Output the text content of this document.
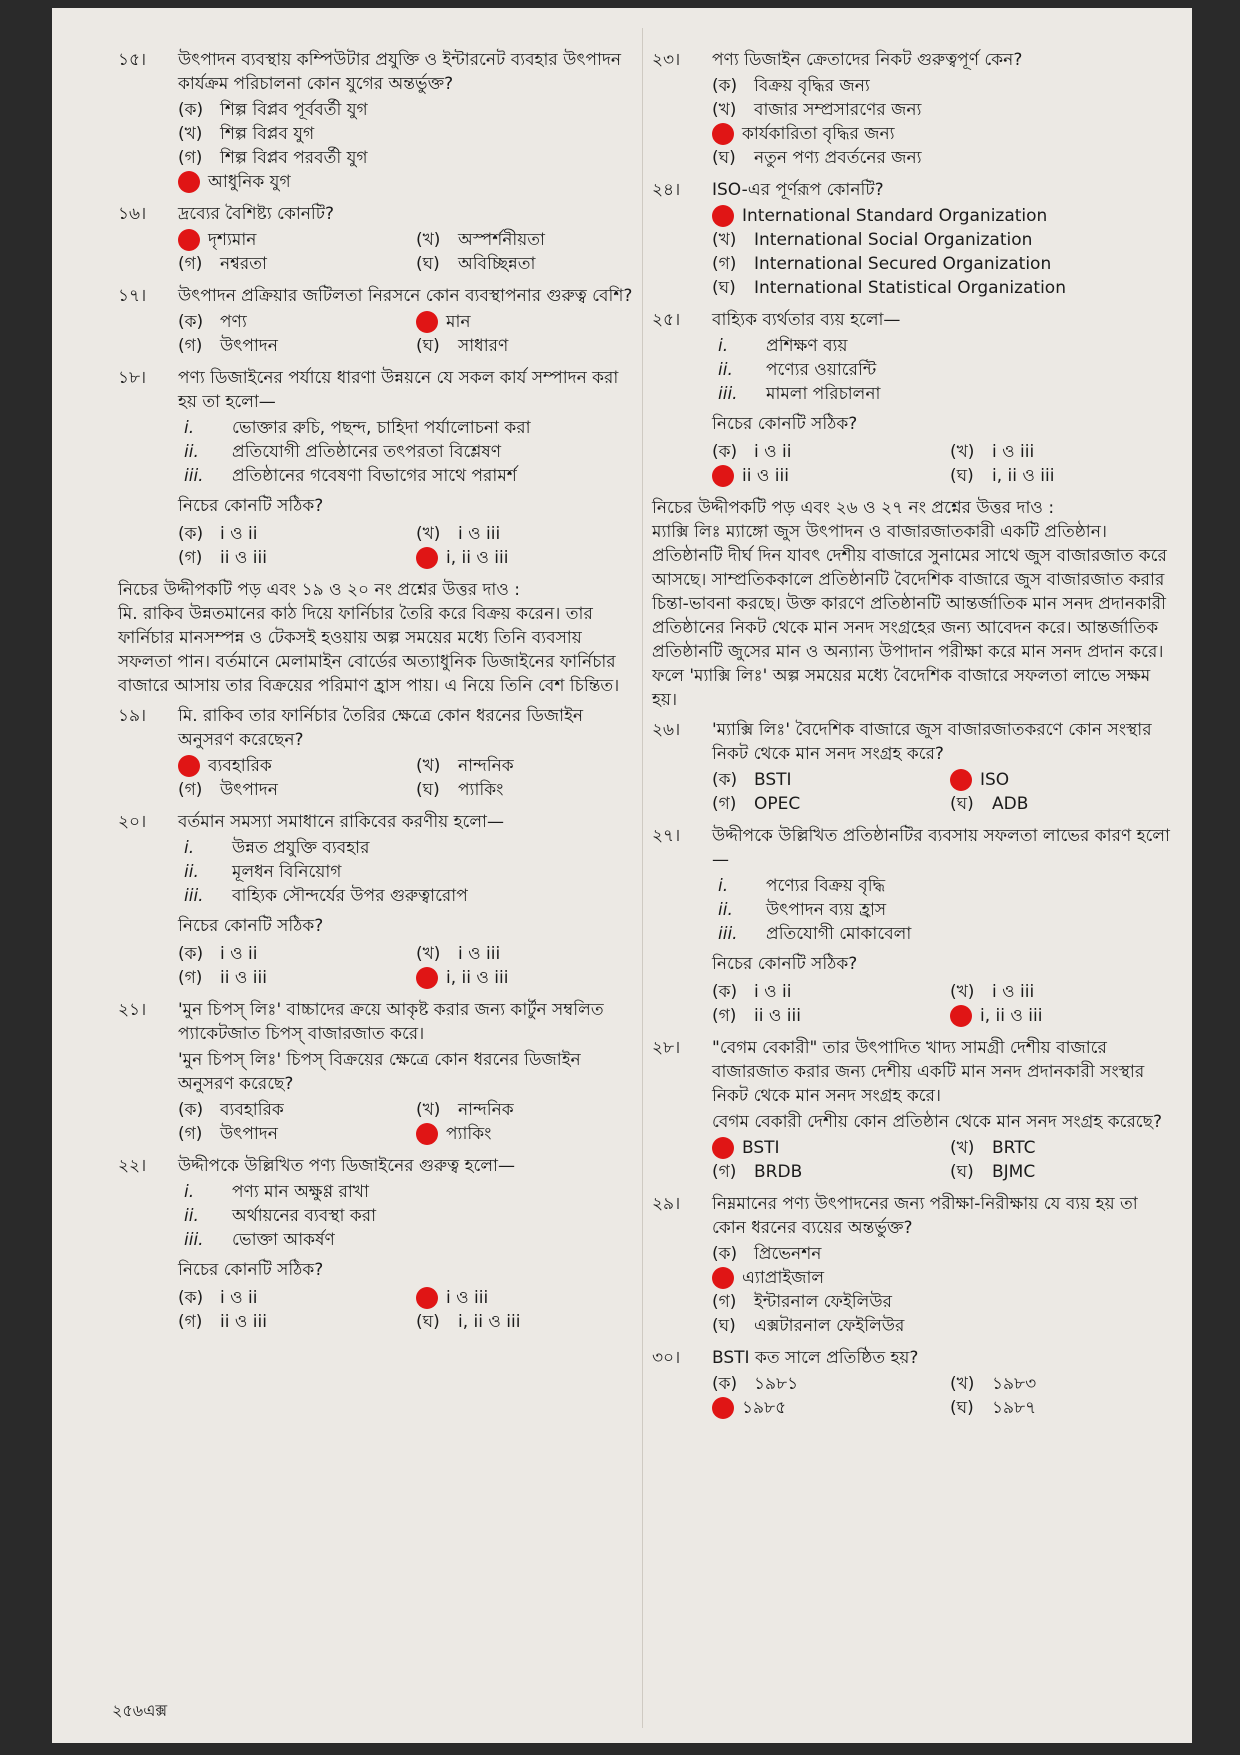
১৫।	উৎপাদন ব্যবস্থায় কম্পিউটার প্রযুক্তি ও ইন্টারনেট ব্যবহার উৎপাদন কার্যক্রম পরিচালনা কোন যুগের অন্তর্ভুক্ত?
(ক) শিল্প বিপ্লব পূর্ববর্তী যুগ
(খ)	শিল্প বিপ্লব যুগ
(গ)	শিল্প বিপ্লব পরবর্তী যুগ
আধুনিক যুগ
১৬।	দ্রব্যের বৈশিষ্ট্য কোনটি?
দৃশ্যমান	(খ)	অস্পর্শনীয়তা
(গ)	নশ্বরতা	(ঘ)	অবিচ্ছিন্নতা
১৭।	উৎপাদন প্রক্রিয়ার জটিলতা নিরসনে কোন ব্যবস্থাপনার গুরুত্ব বেশি?
(ক) পণ্য	মান
(গ)	উৎপাদন	(ঘ)	সাধারণ
১৮।	পণ্য ডিজাইনের পর্যায়ে ধারণা উন্নয়নে যে সকল কার্য সম্পাদন করা হয় তা হলো—
i.	ভোক্তার রুচি, পছন্দ, চাহিদা পর্যালোচনা করা
ii.	প্রতিযোগী প্রতিষ্ঠানের তৎপরতা বিশ্লেষণ
iii.	প্রতিষ্ঠানের গবেষণা বিভাগের সাথে পরামর্শ
নিচের কোনটি সঠিক?
(ক) i ও ii	(খ)	i ও iii
(গ)	ii ও iii	i, ii ও iii
নিচের উদ্দীপকটি পড় এবং ১৯ ও ২০ নং প্রশ্নের উত্তর দাও :
মি. রাকিব উন্নতমানের কাঠ দিয়ে ফার্নিচার তৈরি করে বিক্রয় করেন। তার ফার্নিচার মানসম্পন্ন ও টেকসই হওয়ায় অল্প সময়ের মধ্যে তিনি ব্যবসায় সফলতা পান। বর্তমানে মেলামাইন বোর্ডের অত্যাধুনিক ডিজাইনের ফার্নিচার বাজারে আসায় তার বিক্রয়ের পরিমাণ হ্রাস পায়। এ নিয়ে তিনি বেশ চিন্তিত।
১৯।	মি. রাকিব তার ফার্নিচার তৈরির ক্ষেত্রে কোন ধরনের ডিজাইন অনুসরণ করেছেন?
ব্যবহারিক	(খ)	নান্দনিক
(গ)	উৎপাদন	(ঘ)	প্যাকিং
২০।	বর্তমান সমস্যা সমাধানে রাকিবের করণীয় হলো—
i.	উন্নত প্রযুক্তি ব্যবহার
ii.	মূলধন বিনিয়োগ
iii.	বাহ্যিক সৌন্দর্যের উপর গুরুত্বারোপ
নিচের কোনটি সঠিক?
(ক) i ও ii	(খ)	i ও iii
(গ)	ii ও iii	i, ii ও iii
২১।	'মুন চিপস্ লিঃ' বাচ্চাদের ক্রয়ে আকৃষ্ট করার জন্য কার্টুন সম্বলিত প্যাকেটজাত চিপস্ বাজারজাত করে।
'মুন চিপস্ লিঃ' চিপস্ বিক্রয়ের ক্ষেত্রে কোন ধরনের ডিজাইন অনুসরণ করেছে?
(ক) ব্যবহারিক	(খ)	নান্দনিক
(গ)	উৎপাদন	প্যাকিং
২২।	উদ্দীপকে উল্লিখিত পণ্য ডিজাইনের গুরুত্ব হলো—
i.	পণ্য মান অক্ষুণ্ণ রাখা
ii.	অর্থায়নের ব্যবস্থা করা
iii.	ভোক্তা আকর্ষণ
নিচের কোনটি সঠিক?
(ক) i ও ii	i ও iii
(গ)	ii ও iii	(ঘ)	i, ii ও iii
২৩।	পণ্য ডিজাইন ক্রেতাদের নিকট গুরুত্বপূর্ণ কেন?
(ক) বিক্রয় বৃদ্ধির জন্য
(খ)	বাজার সম্প্রসারণের জন্য
কার্যকারিতা বৃদ্ধির জন্য
(ঘ)	নতুন পণ্য প্রবর্তনের জন্য
২৪।	ISO-এর পূর্ণরূপ কোনটি?
International Standard Organization
(খ)	International Social Organization
(গ)	International Secured Organization
(ঘ)	International Statistical Organization
২৫।	বাহ্যিক ব্যর্থতার ব্যয় হলো—
i.	প্রশিক্ষণ ব্যয়
ii.	পণ্যের ওয়ারেন্টি
iii.	মামলা পরিচালনা
নিচের কোনটি সঠিক?
(ক) i ও ii	(খ)	i ও iii
ii ও iii	(ঘ)	i, ii ও iii
নিচের উদ্দীপকটি পড় এবং ২৬ ও ২৭ নং প্রশ্নের উত্তর দাও :
ম্যাক্সি লিঃ ম্যাঙ্গো জুস উৎপাদন ও বাজারজাতকারী একটি প্রতিষ্ঠান। প্রতিষ্ঠানটি দীর্ঘ দিন যাবৎ দেশীয় বাজারে সুনামের সাথে জুস বাজারজাত করে আসছে। সাম্প্রতিককালে প্রতিষ্ঠানটি বৈদেশিক বাজারে জুস বাজারজাত করার চিন্তা-ভাবনা করছে। উক্ত কারণে প্রতিষ্ঠানটি আন্তর্জাতিক মান সনদ প্রদানকারী প্রতিষ্ঠানের নিকট থেকে মান সনদ সংগ্রহের জন্য আবেদন করে। আন্তর্জাতিক প্রতিষ্ঠানটি জুসের মান ও অন্যান্য উপাদান পরীক্ষা করে মান সনদ প্রদান করে। ফলে 'ম্যাক্সি লিঃ' অল্প সময়ের মধ্যে বৈদেশিক বাজারে সফলতা লাভে সক্ষম হয়।
২৬।	'ম্যাক্সি লিঃ' বৈদেশিক বাজারে জুস বাজারজাতকরণে কোন সংস্থার নিকট থেকে মান সনদ সংগ্রহ করে?
(ক) BSTI	ISO
(গ)	OPEC	(ঘ)	ADB
২৭।	উদ্দীপকে উল্লিখিত প্রতিষ্ঠানটির ব্যবসায় সফলতা লাভের কারণ হলো—
i.	পণ্যের বিক্রয় বৃদ্ধি
ii.	উৎপাদন ব্যয় হ্রাস
iii.	প্রতিযোগী মোকাবেলা
নিচের কোনটি সঠিক?
(ক) i ও ii	(খ)	i ও iii
(গ)	ii ও iii	i, ii ও iii
২৮।	"বেগম বেকারী" তার উৎপাদিত খাদ্য সামগ্রী দেশীয় বাজারে বাজারজাত করার জন্য দেশীয় একটি মান সনদ প্রদানকারী সংস্থার নিকট থেকে মান সনদ সংগ্রহ করে।
বেগম বেকারী দেশীয় কোন প্রতিষ্ঠান থেকে মান সনদ সংগ্রহ করেছে?
BSTI	(খ)	BRTC
(গ)	BRDB	(ঘ)	BJMC
২৯।	নিম্নমানের পণ্য উৎপাদনের জন্য পরীক্ষা-নিরীক্ষায় যে ব্যয় হয় তা কোন ধরনের ব্যয়ের অন্তর্ভুক্ত?
(ক) প্রিভেনশন
এ্যাপ্রাইজাল
(গ)	ইন্টারনাল ফেইলিউর
(ঘ)	এক্সটারনাল ফেইলিউর
৩০।	BSTI কত সালে প্রতিষ্ঠিত হয়?
(ক) ১৯৮১	(খ)	১৯৮৩
১৯৮৫	(ঘ)	১৯৮৭
২৫৬এক্স
